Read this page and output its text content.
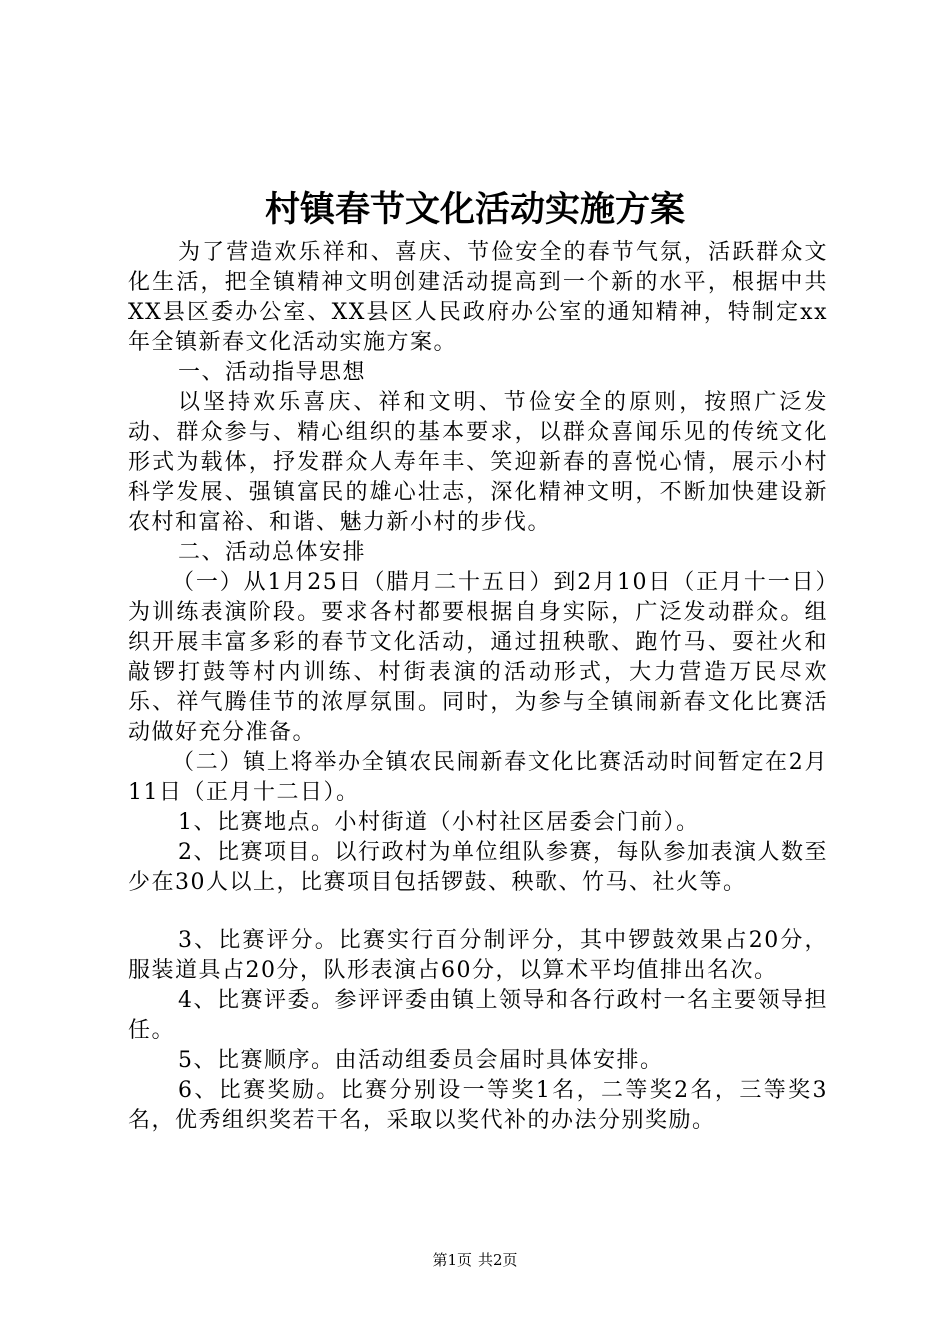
村镇春节文化活动实施方案

为了营造欢乐祥和、喜庆、节俭安全的春节气氛，活跃群众文化生活，把全镇精神文明创建活动提高到一个新的水平，根据中共XX县区委办公室、XX县区人民政府办公室的通知精神，特制定xx年全镇新春文化活动实施方案。

一、活动指导思想

以坚持欢乐喜庆、祥和文明、节俭安全的原则，按照广泛发动、群众参与、精心组织的基本要求，以群众喜闻乐见的传统文化形式为载体，抒发群众人寿年丰、笑迎新春的喜悦心情，展示小村科学发展、强镇富民的雄心壮志，深化精神文明，不断加快建设新农村和富裕、和谐、魅力新小村的步伐。

二、活动总体安排

（一）从1月25日（腊月二十五日）到2月10日（正月十一日）为训练表演阶段。要求各村都要根据自身实际，广泛发动群众。组织开展丰富多彩的春节文化活动，通过扭秧歌、跑竹马、耍社火和敲锣打鼓等村内训练、村街表演的活动形式，大力营造万民尽欢乐、祥气腾佳节的浓厚氛围。同时，为参与全镇闹新春文化比赛活动做好充分准备。

（二）镇上将举办全镇农民闹新春文化比赛活动时间暂定在2月11日（正月十二日）。

1、比赛地点。小村街道（小村社区居委会门前）。

2、比赛项目。以行政村为单位组队参赛，每队参加表演人数至少在30人以上，比赛项目包括锣鼓、秧歌、竹马、社火等。

3、比赛评分。比赛实行百分制评分，其中锣鼓效果占20分，服装道具占20分，队形表演占60分，以算术平均值排出名次。

4、比赛评委。参评评委由镇上领导和各行政村一名主要领导担任。

5、比赛顺序。由活动组委员会届时具体安排。

6、比赛奖励。比赛分别设一等奖1名，二等奖2名，三等奖3名，优秀组织奖若干名，采取以奖代补的办法分别奖励。

第1页 共2页
